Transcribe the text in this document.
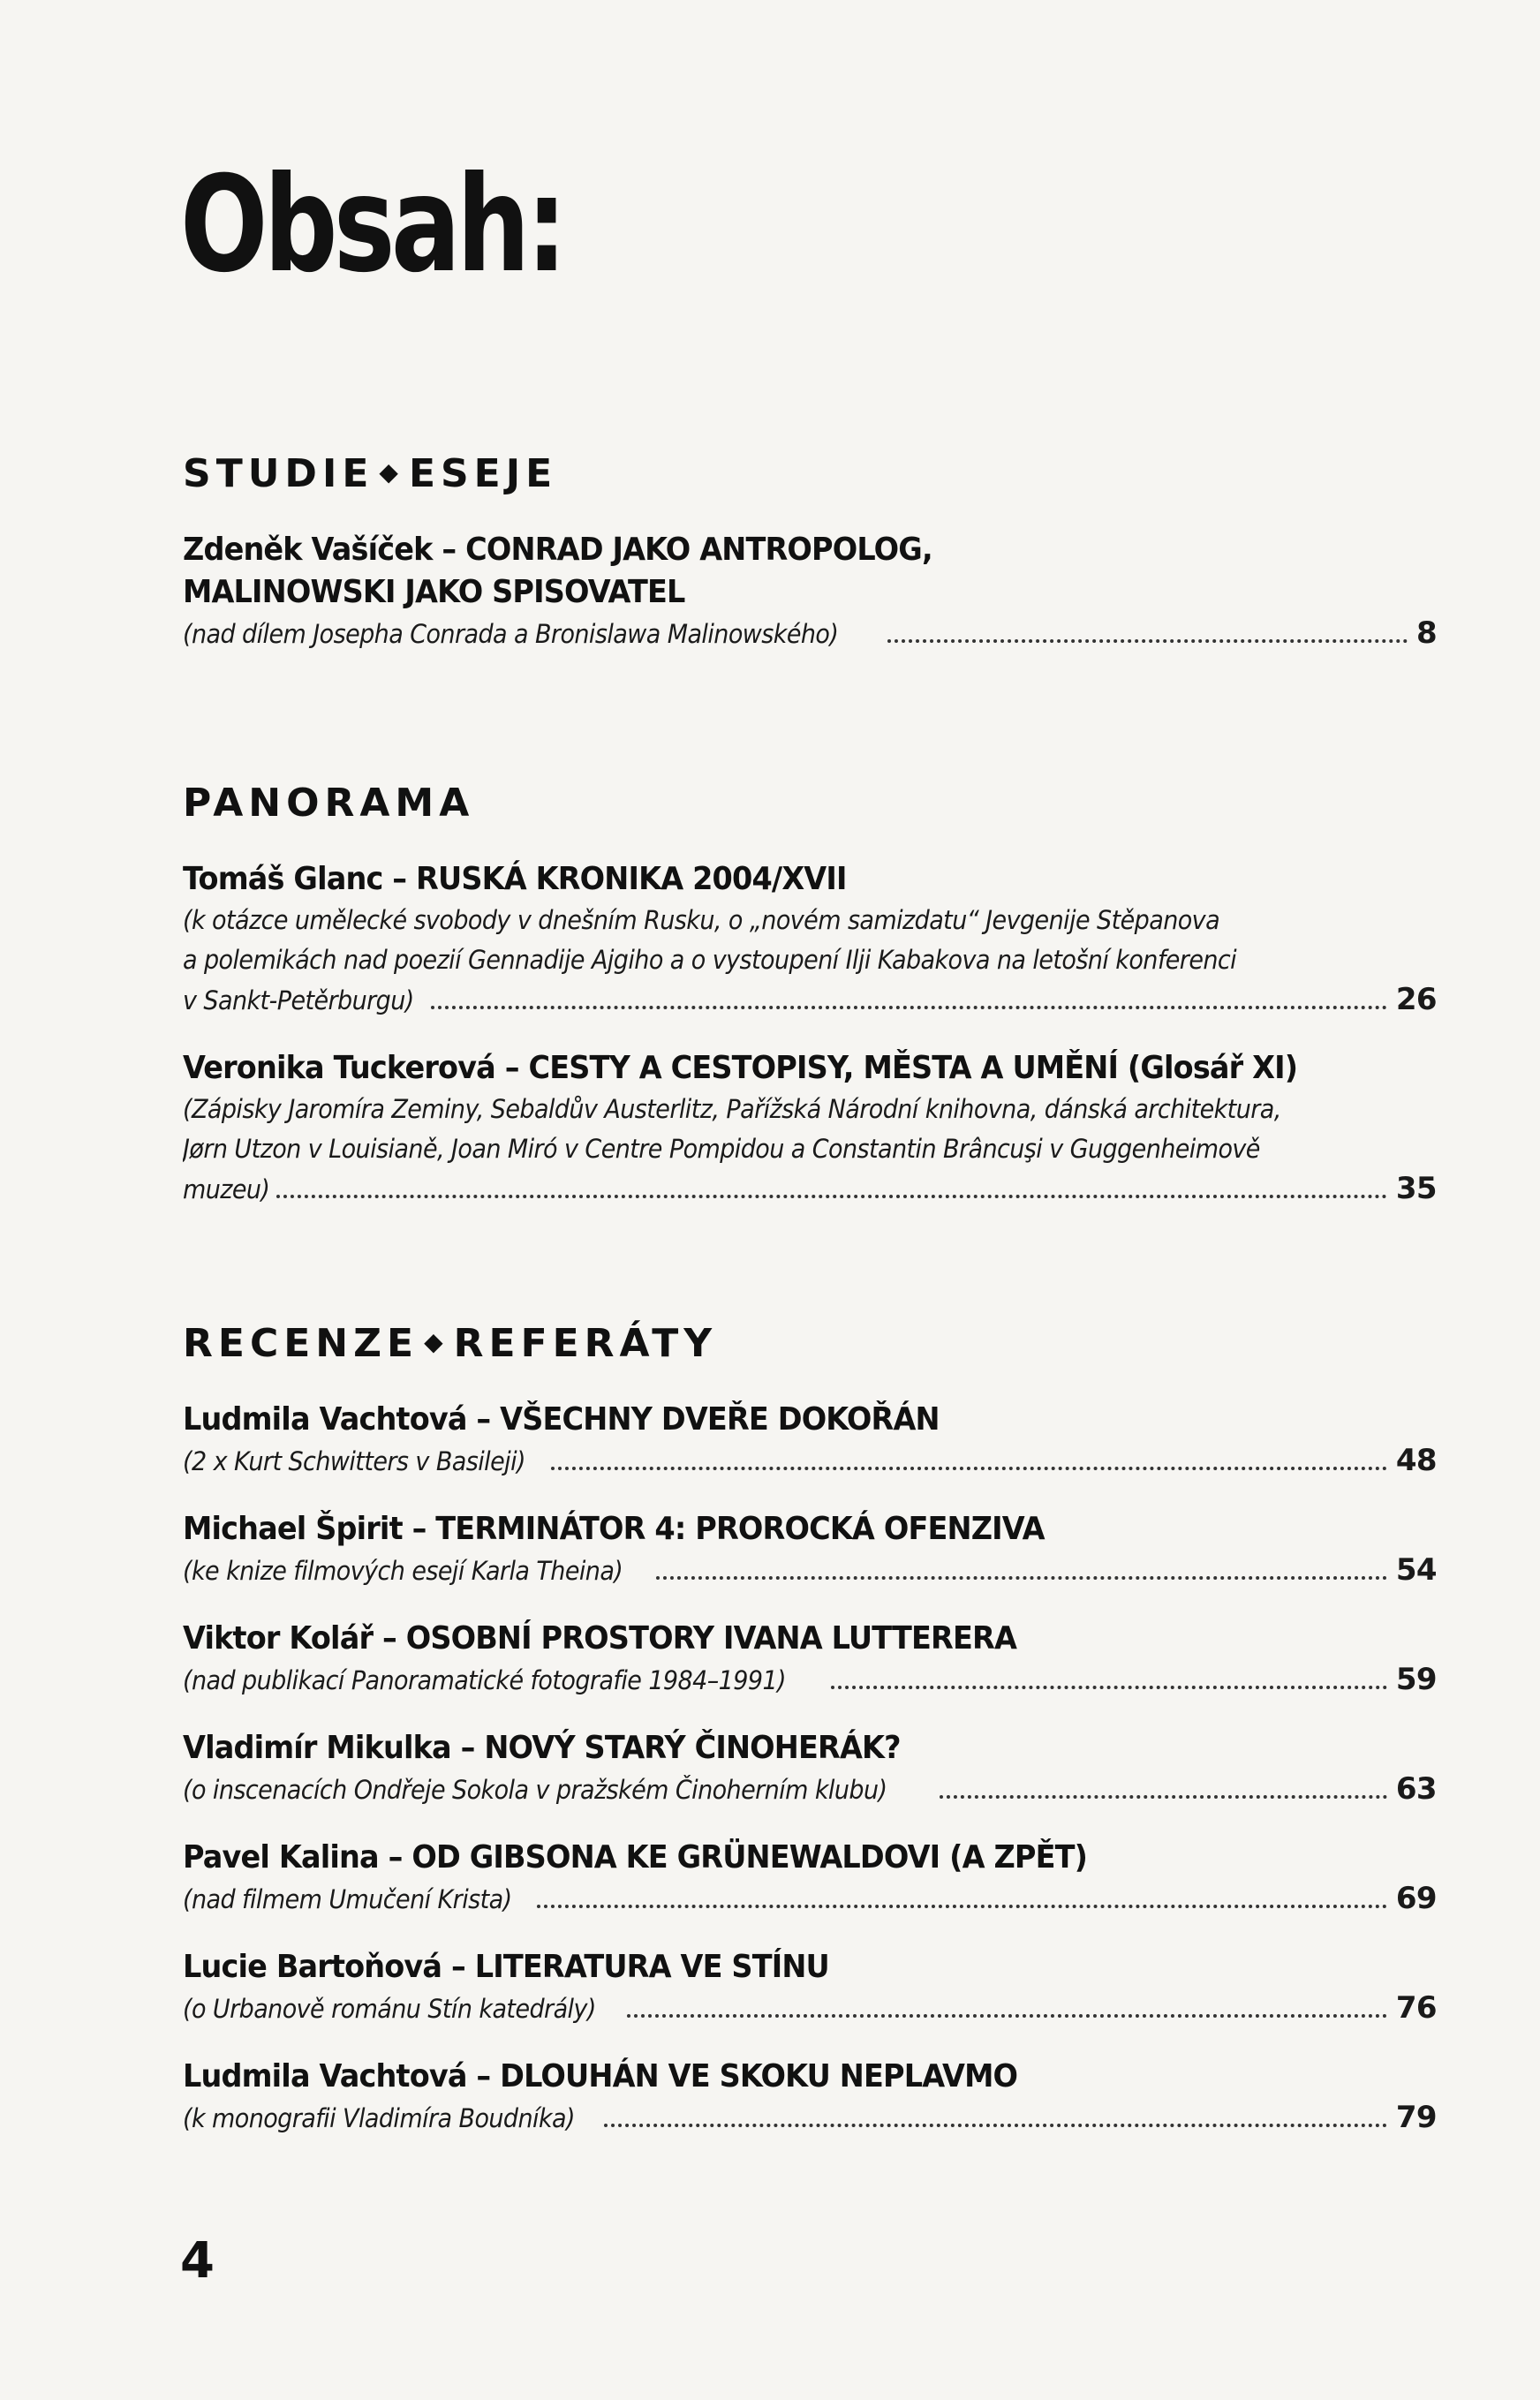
Obsah:
STUDIE ◆ ESEJE
Zdeněk Vašíček – CONRAD JAKO ANTROPOLOG,
MALINOWSKI JAKO SPISOVATEL
(nad dílem Josepha Conrada a Bronislawa Malinowského)	8
PANORAMA
Tomáš Glanc – RUSKÁ KRONIKA 2004/XVII
(k otázce umělecké svobody v dnešním Rusku, o „novém samizdatu“ Jevgenije Stěpanova
a polemikách nad poezií Gennadije Ajgiho a o vystoupení Ilji Kabakova na letošní konferenci
v Sankt-Petěrburgu)	26
Veronika Tuckerová – CESTY A CESTOPISY, MĚSTA A UMĚNÍ (Glosář XI)
(Zápisky Jaromíra Zeminy, Sebaldův Austerlitz, Pařížská Národní knihovna, dánská architektura,
Jørn Utzon v Louisianě, Joan Miró v Centre Pompidou a Constantin Brâncuşi v Guggenheimově
muzeu)	35
RECENZE ◆ REFERÁTY
Ludmila Vachtová – VŠECHNY DVEŘE DOKOŘÁN
(2 x Kurt Schwitters v Basileji)	48
Michael Špirit – TERMINÁTOR 4: PROROCKÁ OFENZIVA
(ke knize filmových esejí Karla Theina)	54
Viktor Kolář – OSOBNÍ PROSTORY IVANA LUTTERERA
(nad publikací Panoramatické fotografie 1984–1991)	59
Vladimír Mikulka – NOVÝ STARÝ ČINOHERÁK?
(o inscenacích Ondřeje Sokola v pražském Činoherním klubu)	63
Pavel Kalina – OD GIBSONA KE GRÜNEWALDOVI (A ZPĚT)
(nad filmem Umučení Krista)	69
Lucie Bartoňová – LITERATURA VE STÍNU
(o Urbanově románu Stín katedrály)	76
Ludmila Vachtová – DLOUHÁN VE SKOKU NEPLAVMO
(k monografii Vladimíra Boudníka)	79
4
